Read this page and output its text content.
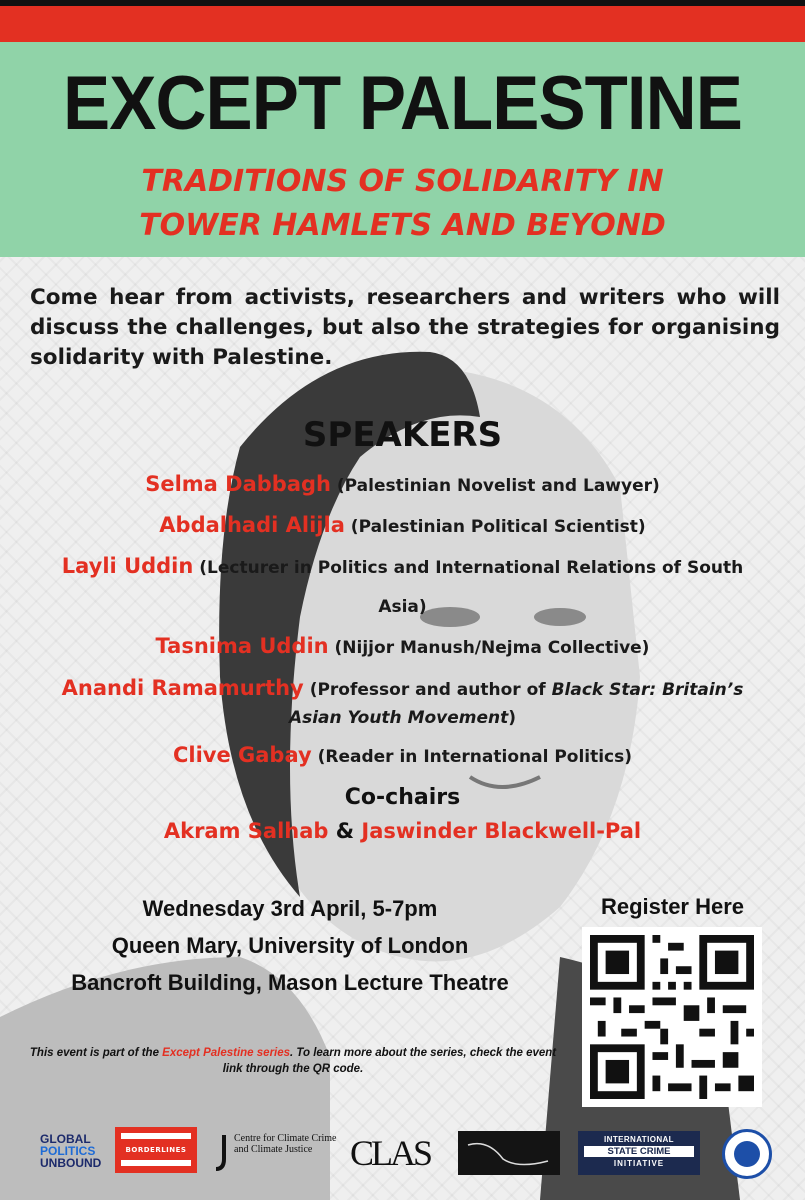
EXCEPT PALESTINE
TRADITIONS OF SOLIDARITY IN
TOWER HAMLETS AND BEYOND

Come hear from activists, researchers and writers who will discuss the challenges, but also the strategies for organising solidarity with Palestine.

SPEAKERS
Selma Dabbagh (Palestinian Novelist and Lawyer)
Abdalhadi Alijla (Palestinian Political Scientist)
Layli Uddin (Lecturer in Politics and International Relations of South Asia)
Tasnima Uddin (Nijjor Manush/Nejma Collective)
Anandi Ramamurthy (Professor and author of Black Star: Britain’s Asian Youth Movement)
Clive Gabay (Reader in International Politics)
Co-chairs
Akram Salhab & Jaswinder Blackwell-Pal
Wednesday 3rd April, 5-7pm
Queen Mary, University of London
Bancroft Building, Mason Lecture Theatre
Register Here

This event is part of the Except Palestine series. To learn more about the series, check the event link through the QR code.

GLOBAL
POLITICS
UNBOUND
BORDERLINES
Centre for Climate Crime and Climate Justice	CLAS	INTERNATIONAL
STATE CRIME
INITIATIVE
